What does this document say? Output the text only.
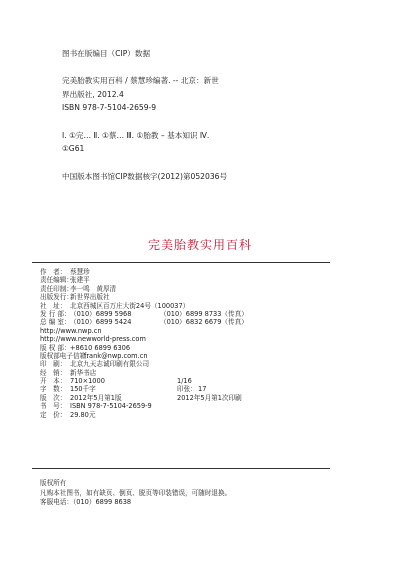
图书在版编目（CIP）数据
完美胎教实用百科 / 蔡慧珍编著. -- 北京：新世
界出版社, 2012.4
ISBN 978-7-5104-2659-9
Ⅰ. ①完… Ⅱ. ①蔡… Ⅲ. ①胎教 – 基本知识 Ⅳ.
①G61
中国版本图书馆CIP数据核字(2012)第052036号
完美胎教实用百科
作　者： 蔡慧珍
责任编辑：张建平
责任印制：李一鸣　黄厚清
出版发行：新世界出版社
社　址： 北京西城区百万庄大街24号（100037）
发 行 部：（010）6899 5968	（010）6899 8733（传真）
总 编 室：（010）6899 5424	（010）6832 6679（传真）
http://www.nwp.cn
http://www.newworld-press.com
版 权 部：+8610 6899 6306
版权部电子信箱：frank@nwp.com.cn
印　刷： 北京九天志诚印刷有限公司
经　销： 新华书店
开　本： 710×1000	1/16
字　数： 150千字	印张： 17
版　次： 2012年5月第1版	2012年5月第1次印刷
书　号： ISBN 978-7-5104-2659-9
定　价： 29.80元
版权所有
凡购本社图书，如有缺页、倒页、脱页等印装错误，可随时退换。
客服电话：（010）6899 8638
